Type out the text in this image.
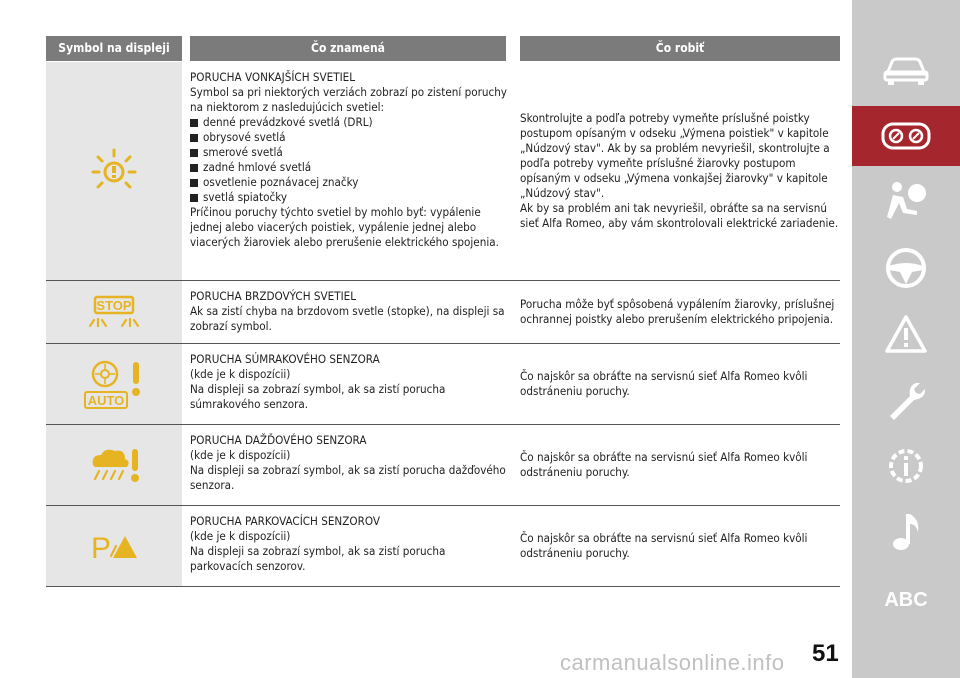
Symbol na displeji	Čo znamená	Čo robiť

PORUCHA VONKAJŠÍCH SVETIEL

Symbol sa pri niektorých verziách zobrazí po zistení poruchy na niektorom z nasledujúcich svetiel:

denné prevádzkové svetlá (DRL)
obrysové svetlá
smerové svetlá
zadné hmlové svetlá
osvetlenie poznávacej značky
svetlá spiatočky

Príčinou poruchy týchto svetiel by mohlo byť: vypálenie jednej alebo viacerých poistiek, vypálenie jednej alebo viacerých žiaroviek alebo prerušenie elektrického spojenia.

Skontrolujte a podľa potreby vymeňte príslušné poistky postupom opísaným v odseku „Výmena poistiek" v kapitole „Núdzový stav". Ak by sa problém nevyriešil, skontrolujte a podľa potreby vymeňte príslušné žiarovky postupom opísaným v odseku „Výmena vonkajšej žiarovky" v kapitole „Núdzový stav".

Ak by sa problém ani tak nevyriešil, obráťte sa na servisnú sieť Alfa Romeo, aby vám skontrolovali elektrické zariadenie.

STOP

PORUCHA BRZDOVÝCH SVETIEL

Ak sa zistí chyba na brzdovom svetle (stopke), na displeji sa zobrazí symbol.

Porucha môže byť spôsobená vypálením žiarovky, príslušnej ochrannej poistky alebo prerušením elektrického pripojenia.

AUTO

PORUCHA SÚMRAKOVÉHO SENZORA

(kde je k dispozícii)

Na displeji sa zobrazí symbol, ak sa zistí porucha súmrakového senzora.

Čo najskôr sa obráťte na servisnú sieť Alfa Romeo kvôli odstráneniu poruchy.

PORUCHA DAŽĎOVÉHO SENZORA

(kde je k dispozícii)

Na displeji sa zobrazí symbol, ak sa zistí porucha dažďového senzora.

Čo najskôr sa obráťte na servisnú sieť Alfa Romeo kvôli odstráneniu poruchy.

P

PORUCHA PARKOVACÍCH SENZOROV

(kde je k dispozícii)

Na displeji sa zobrazí symbol, ak sa zistí porucha parkovacích senzorov.

Čo najskôr sa obráťte na servisnú sieť Alfa Romeo kvôli odstráneniu poruchy.

ABC
51
carmanualsonline.info
